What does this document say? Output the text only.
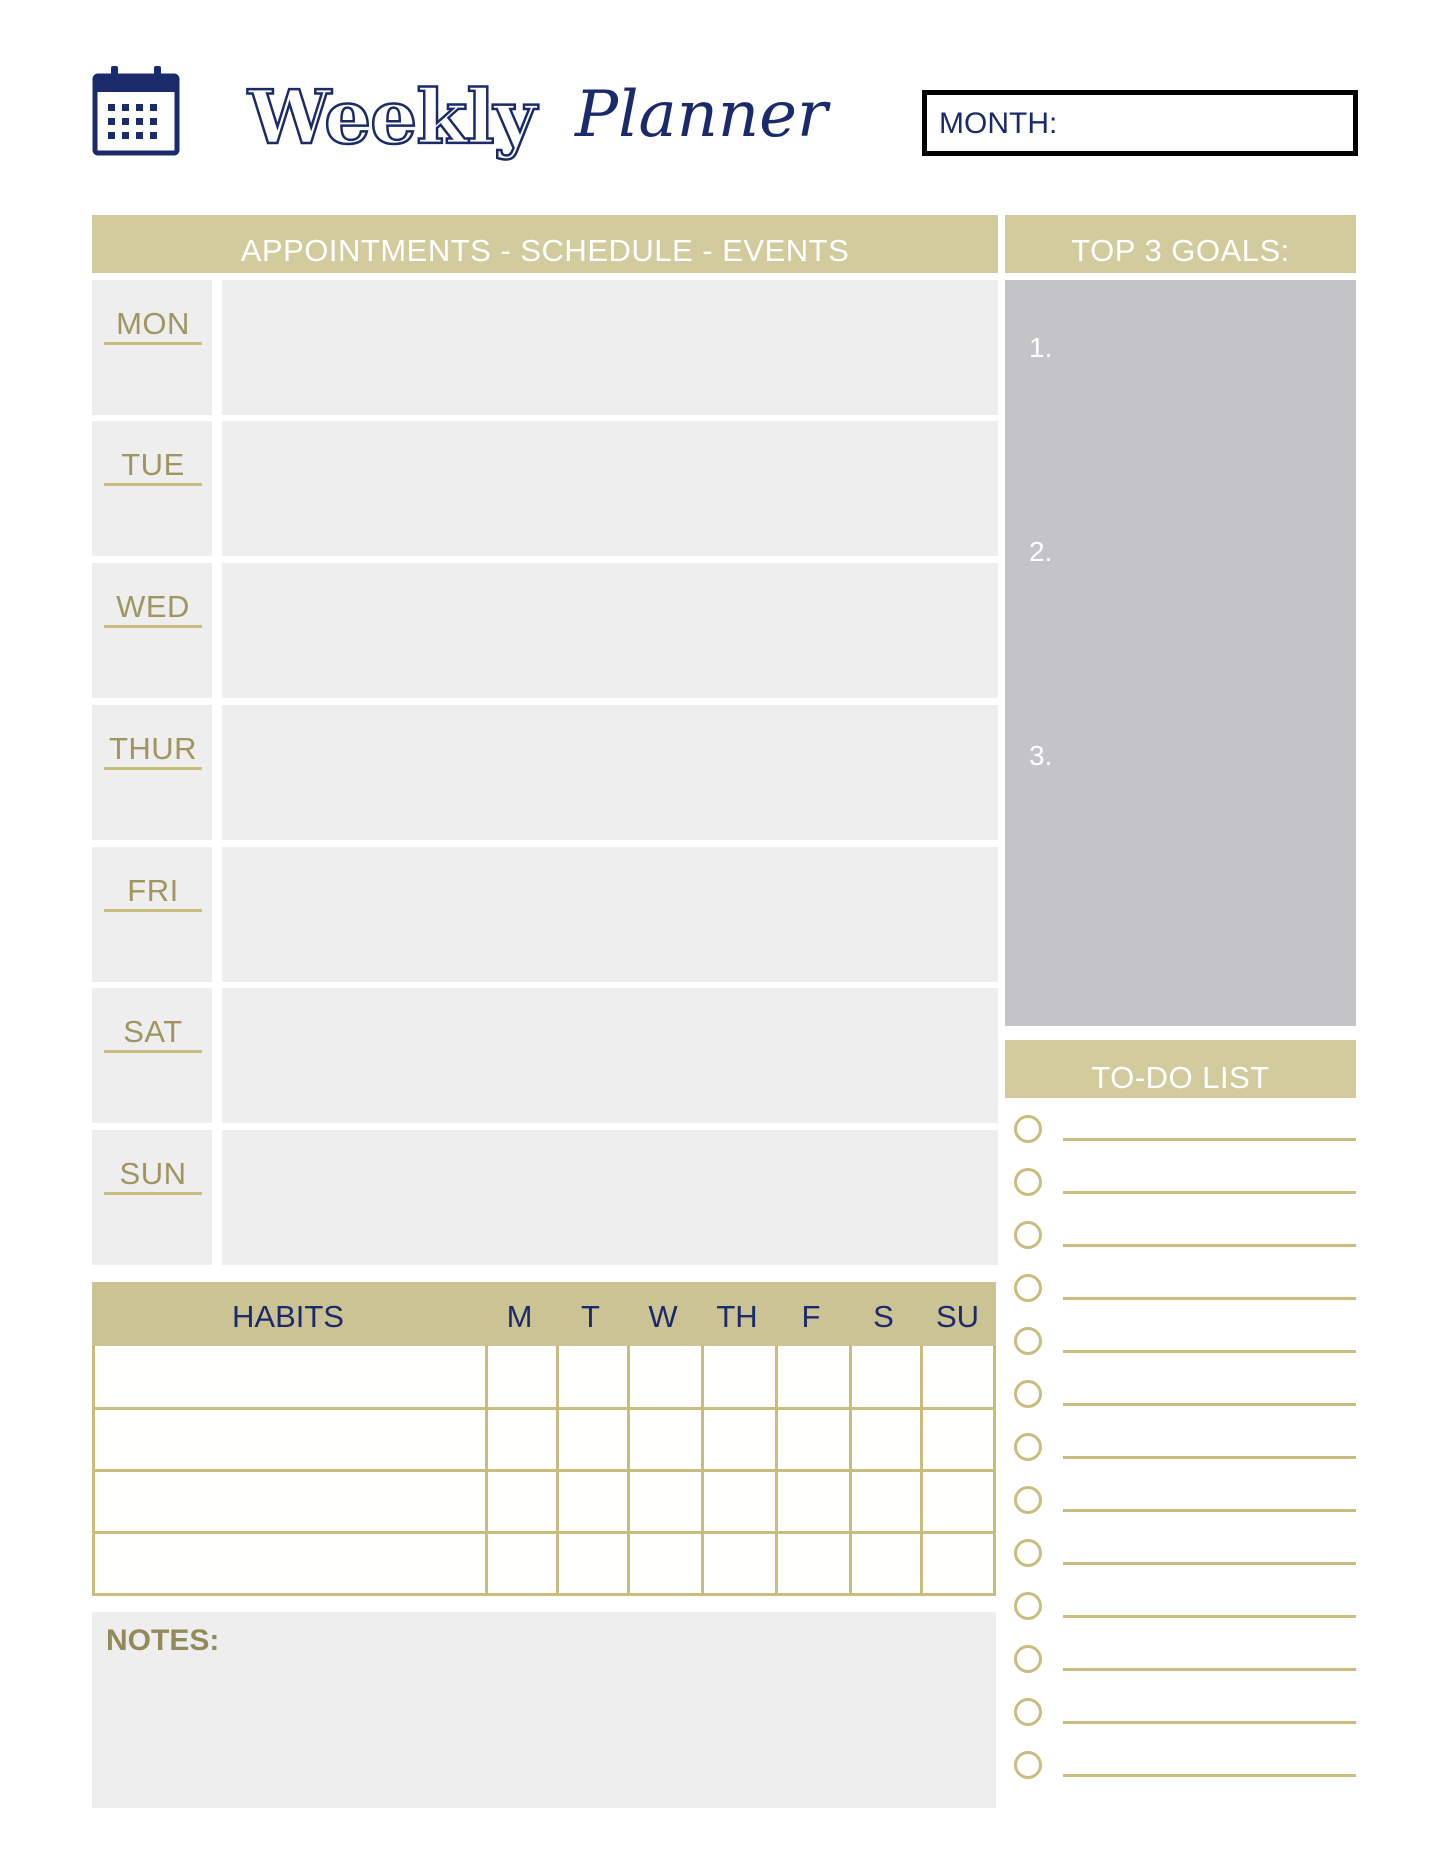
Weekly Planner	MONTH:
APPOINTMENTS - SCHEDULE - EVENTS	TOP 3 GOALS:
MON
TUE
WED
THUR
FRI
SAT
SUN
1.
2.
3.
TO-DO LIST
HABITS	M	T	W	TH	F	S	SU
NOTES:
